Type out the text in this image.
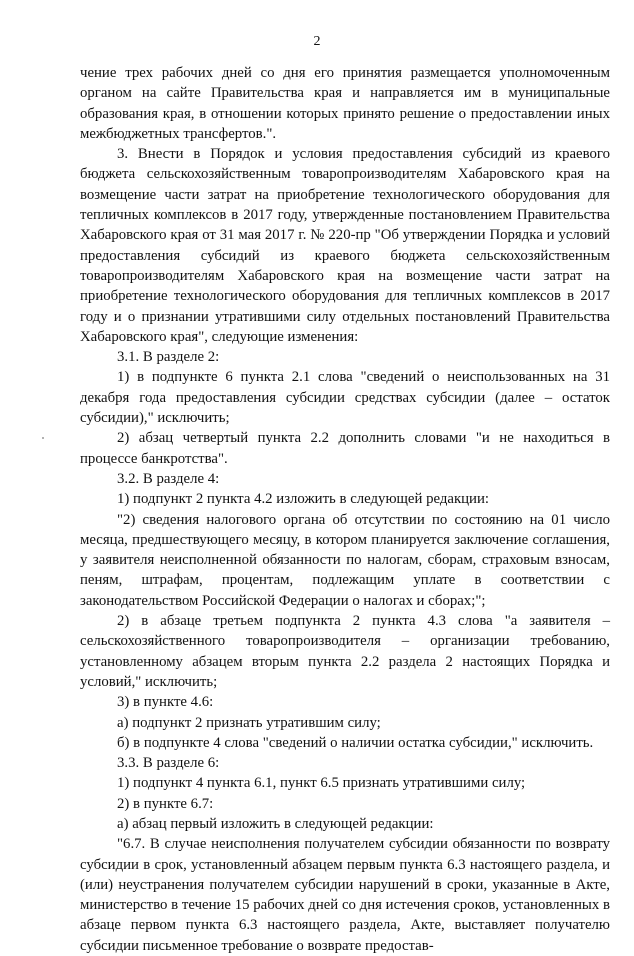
2

чение трех рабочих дней со дня его принятия размещается уполномоченным органом на сайте Правительства края и направляется им в муниципальные образования края, в отношении которых принято решение о предоставлении иных межбюджетных трансфертов.".

3. Внести в Порядок и условия предоставления субсидий из краевого бюджета сельскохозяйственным товаропроизводителям Хабаровского края на возмещение части затрат на приобретение технологического оборудования для тепличных комплексов в 2017 году, утвержденные постановлением Правительства Хабаровского края от 31 мая 2017 г. № 220-пр "Об утверждении Порядка и условий предоставления субсидий из краевого бюджета сельскохозяйственным товаропроизводителям Хабаровского края на возмещение части затрат на приобретение технологического оборудования для тепличных комплексов в 2017 году и о признании утратившими силу отдельных постановлений Правительства Хабаровского края", следующие изменения:

3.1. В разделе 2:

1) в подпункте 6 пункта 2.1 слова "сведений о неиспользованных на 31 декабря года предоставления субсидии средствах субсидии (далее – остаток субсидии)," исключить;

2) абзац четвертый пункта 2.2 дополнить словами "и не находиться в процессе банкротства".

3.2. В разделе 4:

1) подпункт 2 пункта 4.2 изложить в следующей редакции:

"2) сведения налогового органа об отсутствии по состоянию на 01 число месяца, предшествующего месяцу, в котором планируется заключение соглашения, у заявителя неисполненной обязанности по налогам, сборам, страховым взносам, пеням, штрафам, процентам, подлежащим уплате в соответствии с законодательством Российской Федерации о налогах и сборах;";

2) в абзаце третьем подпункта 2 пункта 4.3 слова "а заявителя – сельскохозяйственного товаропроизводителя – организации требованию, установленному абзацем вторым пункта 2.2 раздела 2 настоящих Порядка и условий," исключить;

3) в пункте 4.6:

а) подпункт 2 признать утратившим силу;

б) в подпункте 4 слова "сведений о наличии остатка субсидии," исключить.

3.3. В разделе 6:

1) подпункт 4 пункта 6.1, пункт 6.5 признать утратившими силу;

2) в пункте 6.7:

а) абзац первый изложить в следующей редакции:

"6.7. В случае неисполнения получателем субсидии обязанности по возврату субсидии в срок, установленный абзацем первым пункта 6.3 настоящего раздела, и (или) неустранения получателем субсидии нарушений в сроки, указанные в Акте, министерство в течение 15 рабочих дней со дня истечения сроков, установленных в абзаце первом пункта 6.3 настоящего раздела, Акте, выставляет получателю субсидии письменное требование о возврате предостав-
